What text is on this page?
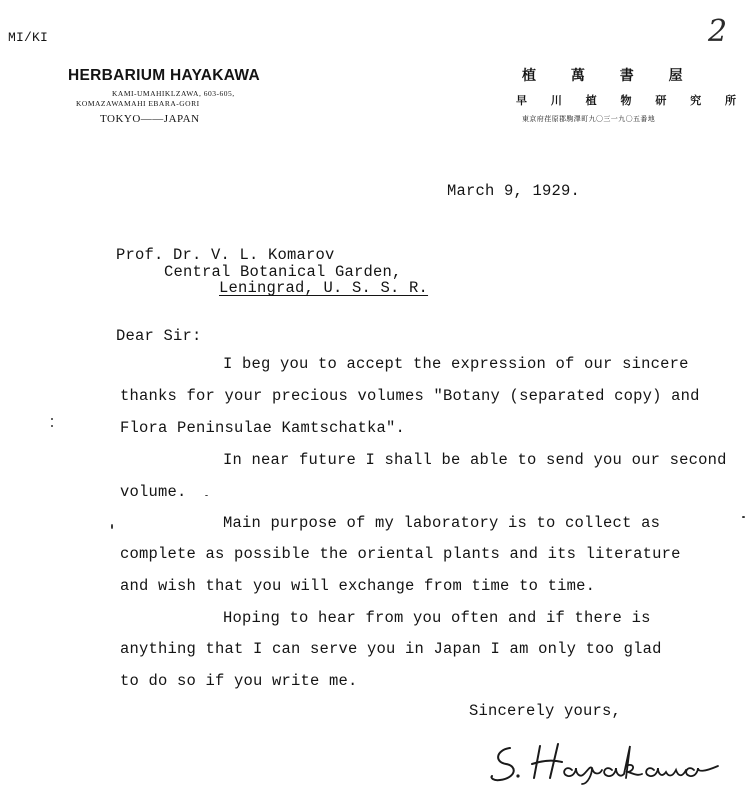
MI/KI	2
HERBARIUM HAYAKAWA
KAMI-UMAHIKLZAWA, 603-605,
KOMAZAWAMAHI EBARA-GORI
TOKYO——JAPAN
植 萬 書 屋
早 川 植 物 研 究 所
東京府荏原郡駒澤町九〇三一九〇五番地
March 9, 1929.
Prof. Dr. V. L. Komarov
Central Botanical Garden,
Leningrad, U. S. S. R.
Dear Sir:
I beg you to accept the expression of our sincere
thanks for your precious volumes "Botany (separated copy) and
Flora Peninsulae Kamtschatka".
In near future I shall be able to send you our second
volume.
Main purpose of my laboratory is to collect as
complete as possible the oriental plants and its literature
and wish that you will exchange from time to time.
Hoping to hear from you often and if there is
anything that I can serve you in Japan I am only too glad
to do so if you write me.
Sincerely yours,
